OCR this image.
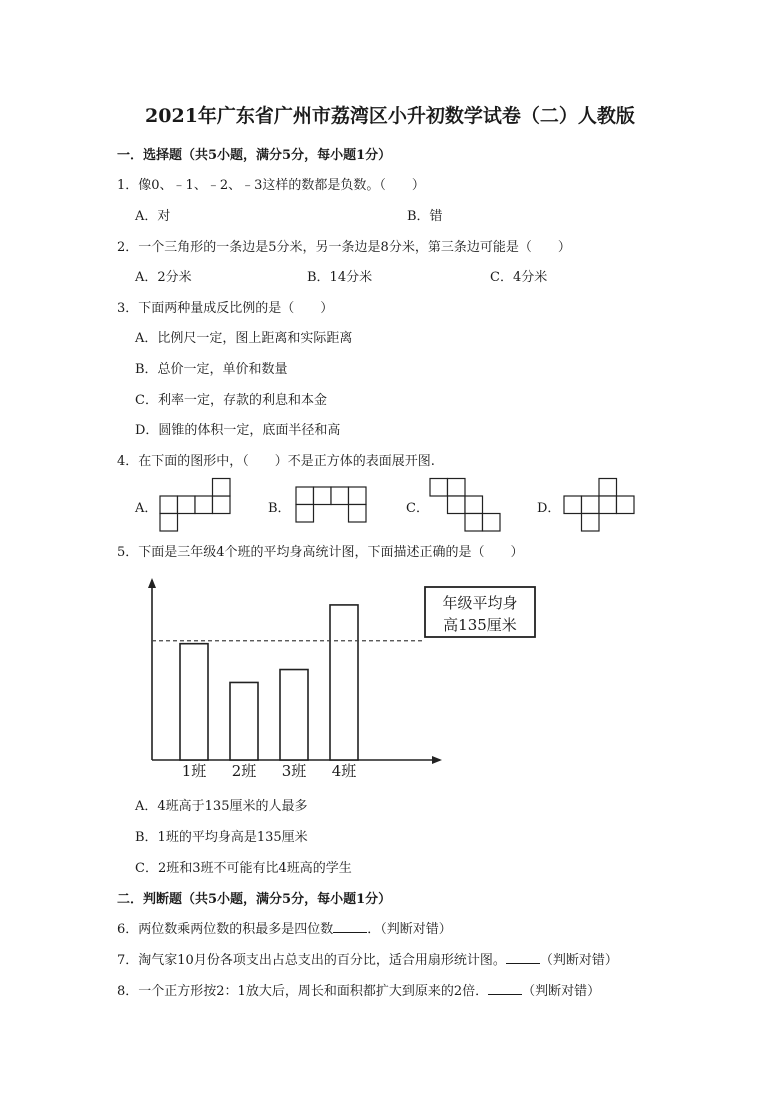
2021年广东省广州市荔湾区小升初数学试卷（二）人教版
一．选择题（共5小题，满分5分，每小题1分）
1．像0、﹣1、﹣2、﹣3这样的数都是负数。（　　）
A．对	B．错
2．一个三角形的一条边是5分米，另一条边是8分米，第三条边可能是（　　）
A．2分米	B．14分米	C．4分米
3．下面两种量成反比例的是（　　）
A．比例尺一定，图上距离和实际距离
B．总价一定，单价和数量
C．利率一定，存款的利息和本金
D．圆锥的体积一定，底面半径和高
4．在下面的图形中，（　　）不是正方体的表面展开图.
A．	B．	C．	D．
5．下面是三年级4个班的平均身高统计图，下面描述正确的是（　　）
1班 2班 3班 4班
年级平均身
高135厘米
A．4班高于135厘米的人最多
B．1班的平均身高是135厘米
C．2班和3班不可能有比4班高的学生
二．判断题（共5小题，满分5分，每小题1分）
6．两位数乘两位数的积最多是四位数	．（判断对错）
7．淘气家10月份各项支出占总支出的百分比，适合用扇形统计图。	（判断对错）
8．一个正方形按2：1放大后，周长和面积都扩大到原来的2倍．	（判断对错）
